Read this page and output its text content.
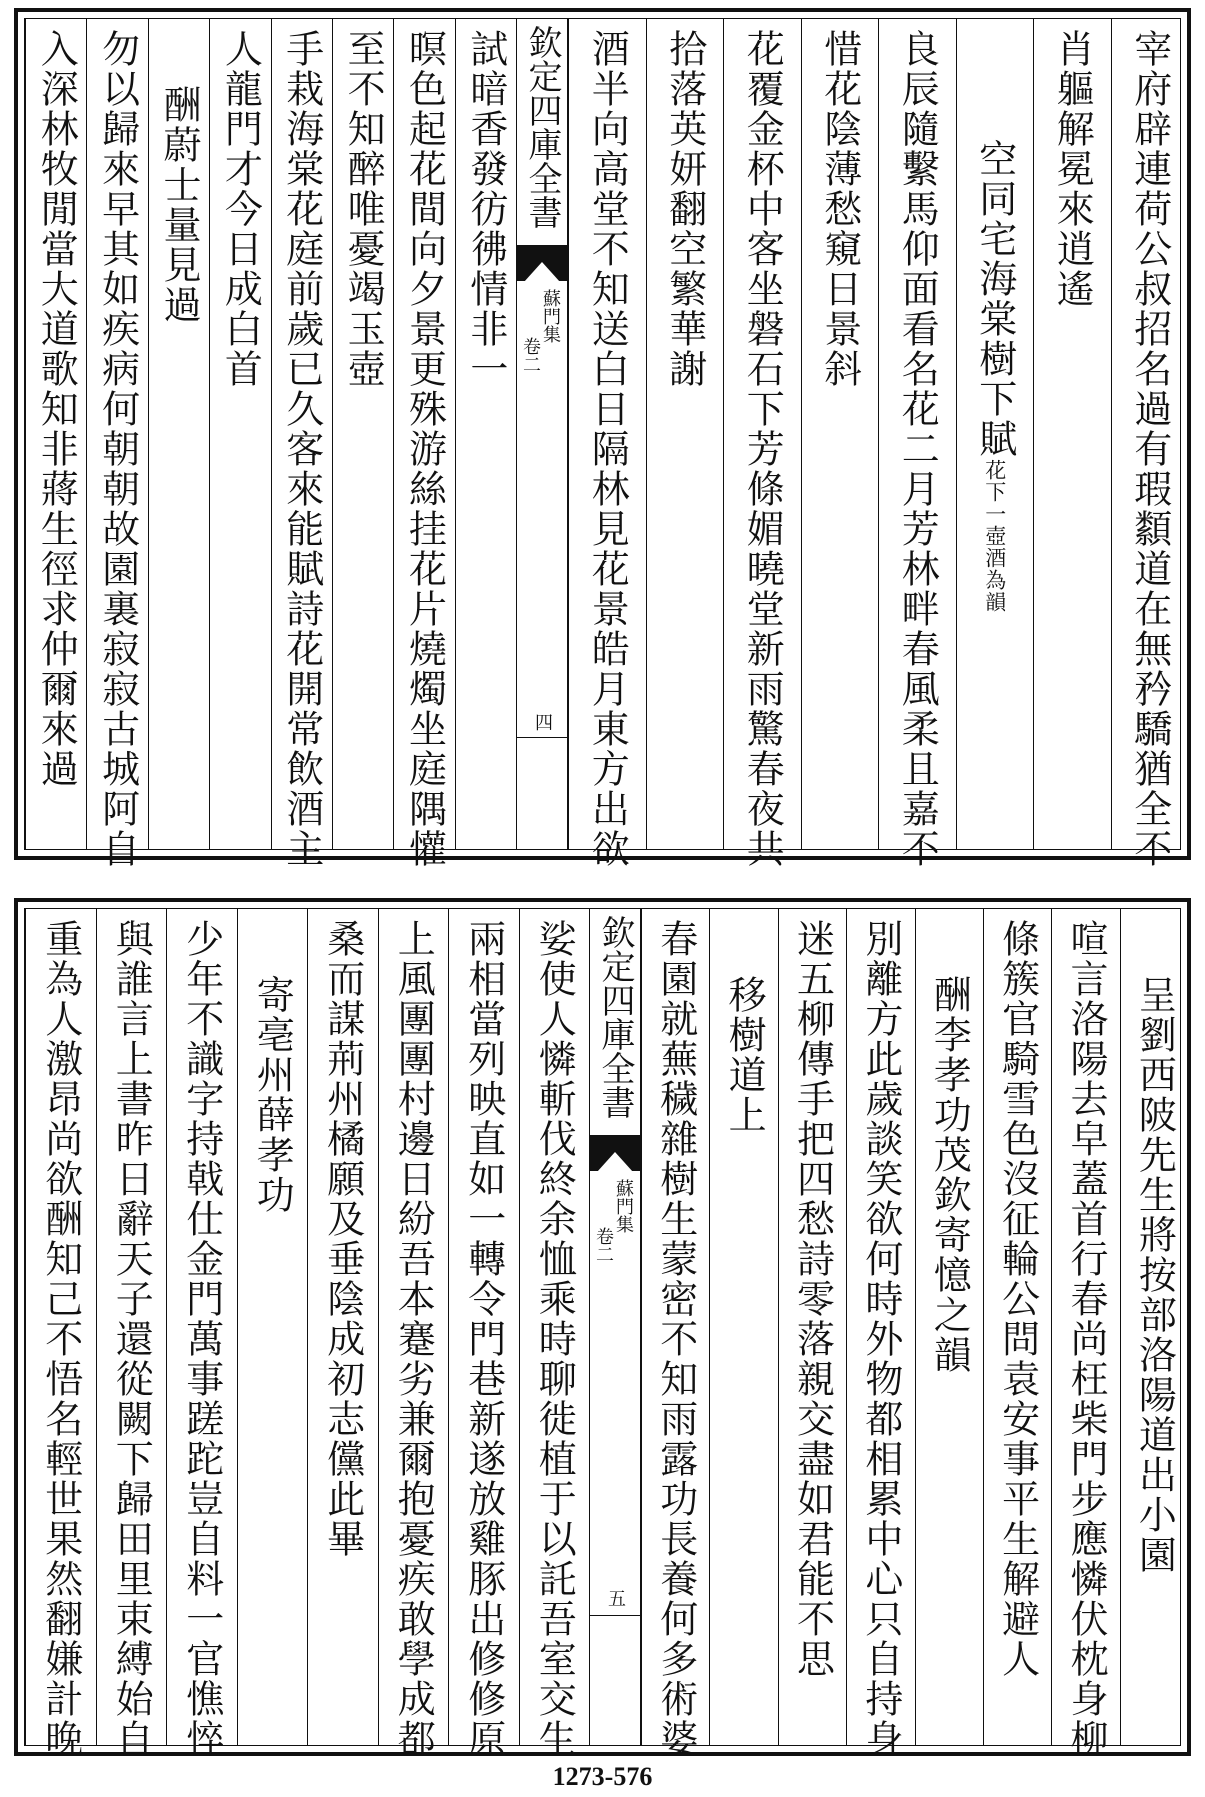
試暗香發彷彿情非一
暝色起花間向夕景更殊游絲挂花片燒燭坐庭隅懽
至不知醉唯憂竭玉壺
手栽海棠花庭前歲已久客來能賦詩花開常飲酒主
人龍門才今日成白首
酬蔚士量見過
勿以歸來早其如疾病何朝朝故園裏寂寂古城阿自
入深林牧閒當大道歌知非蔣生徑求仲爾來過	欽定四庫全書
蘇門集
卷二
四	宰府辟連荷公叔招名過有瑕纇道在無矜驕猶全不
肖軀解冕來逍遙
空同宅海棠樹下賦花下一壺酒為韻
良辰隨繫馬仰面看名花二月芳林畔春風柔且嘉不
惜花陰薄愁窺日景斜
花覆金杯中客坐磐石下芳條媚曉堂新雨驚春夜共
拾落英妍翻空繁華謝
酒半向高堂不知送白日隔林見花景皓月東方出欲
娑使人憐斬伐終余恤乘時聊徙植于以託吾室交生
兩相當列映直如一轉令門巷新遂放雞豚出修修原
上風團團村邊日紛吾本蹇劣兼爾抱憂疾敢學成都
桑而謀荊州橘願及垂陰成初志儻此畢
寄亳州薛孝功
少年不識字持戟仕金門萬事蹉跎豈自料一官憔悴
與誰言上書昨日辭天子還從闕下歸田里束縛始自
重為人激昂尚欲酬知己不悟名輕世果然翻嫌計晚	欽定四庫全書
蘇門集
卷二
五
呈劉西陂先生將按部洛陽道出小園
喧言洛陽去皁蓋首行春尚枉柴門步應憐伏枕身柳
條簇官騎雪色沒征輪公問袁安事平生解避人
酬李孝功茂欽寄憶之韻
別離方此歲談笑欲何時外物都相累中心只自持身
迷五柳傳手把四愁詩零落親交盡如君能不思
移樹道上
春園就蕪穢雜樹生蒙密不知雨露功長養何多術婆
1273-576
